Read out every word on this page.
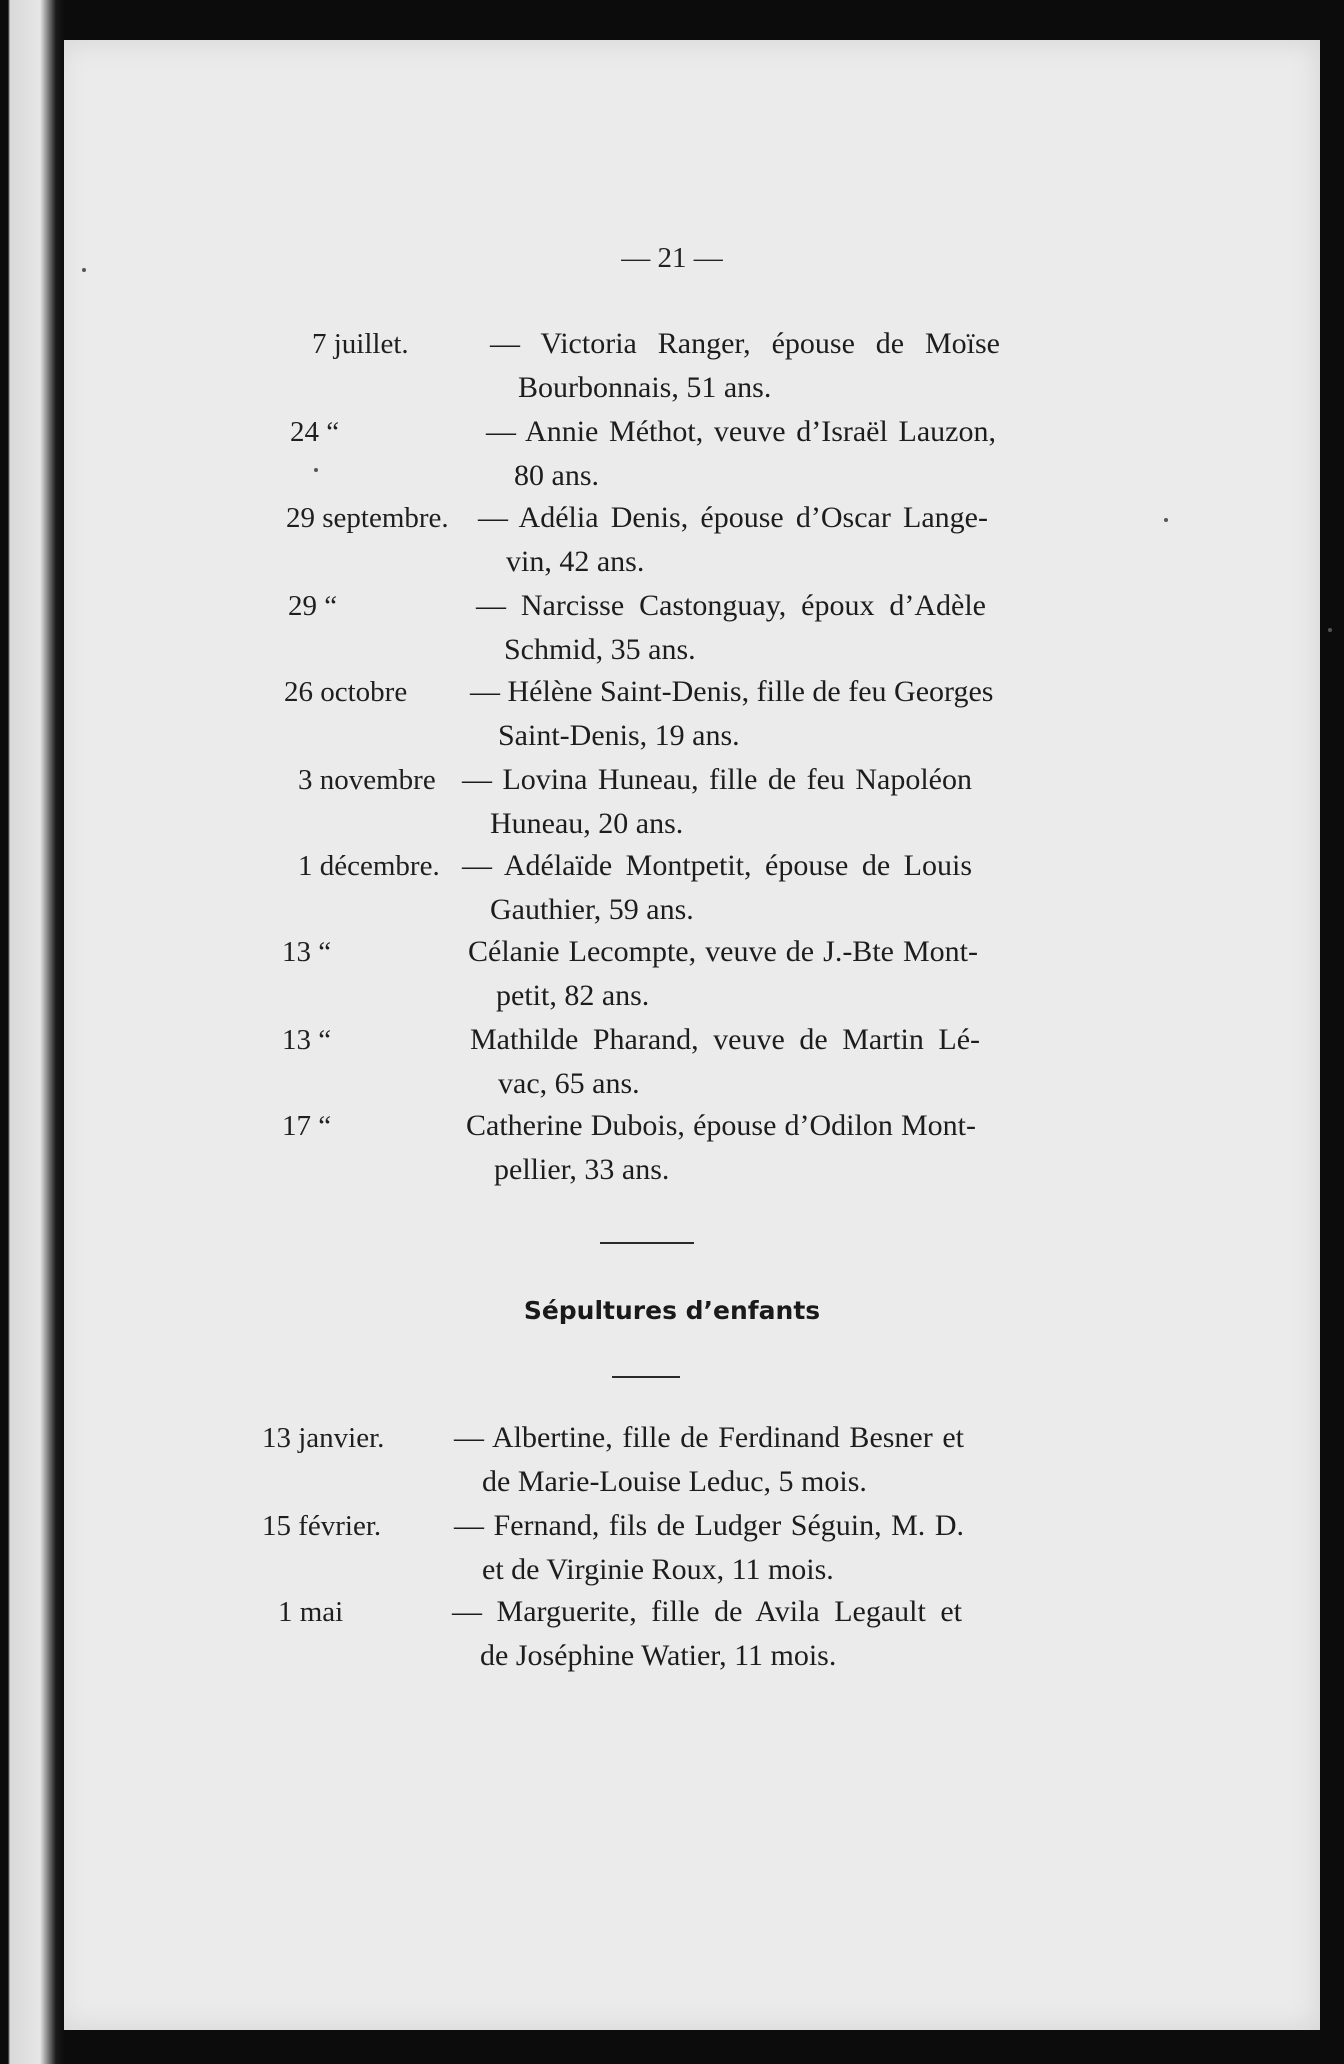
— 21 —
7 juillet.	— Victoria Ranger, épouse de Moïse
Bourbonnais, 51 ans.
24 “	— Annie Méthot, veuve d’Israël Lauzon,
80 ans.
29 septembre. — Adélia Denis, épouse d’Oscar Lange-
vin, 42 ans.
29 “	— Narcisse Castonguay, époux d’Adèle
Schmid, 35 ans.
26 octobre — Hélène Saint-Denis, fille de feu Georges
Saint-Denis, 19 ans.
3 novembre — Lovina Huneau, fille de feu Napoléon
Huneau, 20 ans.
1 décembre. — Adélaïde Montpetit, épouse de Louis
Gauthier, 59 ans.
13 “	Célanie Lecompte, veuve de J.-Bte Mont-
petit, 82 ans.
13 “	Mathilde Pharand, veuve de Martin Lé-
vac, 65 ans.
17 “	Catherine Dubois, épouse d’Odilon Mont-
pellier, 33 ans.
Sépultures d’enfants
13 janvier. — Albertine, fille de Ferdinand Besner et
de Marie-Louise Leduc, 5 mois.
15 février. — Fernand, fils de Ludger Séguin, M. D.
et de Virginie Roux, 11 mois.
1 mai	— Marguerite, fille de Avila Legault et
de Joséphine Watier, 11 mois.
